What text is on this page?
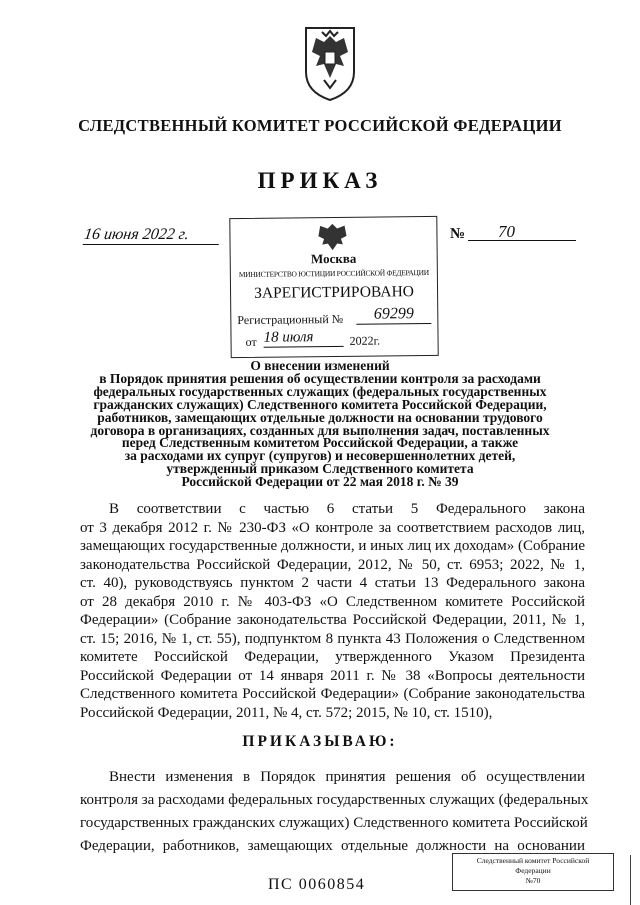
СЛЕДСТВЕННЫЙ КОМИТЕТ РОССИЙСКОЙ ФЕДЕРАЦИИ
ПРИКАЗ
16 июня 2022 г.	№ 70
Москва
МИНИСТЕРСТВО ЮСТИЦИИ РОССИЙСКОЙ ФЕДЕРАЦИИ
ЗАРЕГИСТРИРОВАНО
Регистрационный №	69299
от 18 июля	2022г.
О внесении изменений
в Порядок принятия решения об осуществлении контроля за расходами
федеральных государственных служащих (федеральных государственных
гражданских служащих) Следственного комитета Российской Федерации,
работников, замещающих отдельные должности на основании трудового
договора в организациях, созданных для выполнения задач, поставленных
перед Следственным комитетом Российской Федерации, а также
за расходами их супруг (супругов) и несовершеннолетних детей,
утвержденный приказом Следственного комитета
Российской Федерации от 22 мая 2018 г. № 39
В соответствии с частью 6 статьи 5 Федерального закона
от 3 декабря 2012 г. № 230-ФЗ «О контроле за соответствием расходов лиц,
замещающих государственные должности, и иных лиц их доходам» (Собрание
законодательства Российской Федерации, 2012, № 50, ст. 6953; 2022, № 1,
ст. 40), руководствуясь пунктом 2 части 4 статьи 13 Федерального закона
от 28 декабря 2010 г. № 403-ФЗ «О Следственном комитете Российской
Федерации» (Собрание законодательства Российской Федерации, 2011, № 1,
ст. 15; 2016, № 1, ст. 55), подпунктом 8 пункта 43 Положения о Следственном
комитете Российской Федерации, утвержденного Указом Президента
Российской Федерации от 14 января 2011 г. № 38 «Вопросы деятельности
Следственного комитета Российской Федерации» (Собрание законодательства
Российской Федерации, 2011, № 4, ст. 572; 2015, № 10, ст. 1510),
ПРИКАЗЫВАЮ:
Внести изменения в Порядок принятия решения об осуществлении
контроля за расходами федеральных государственных служащих (федеральных
государственных гражданских служащих) Следственного комитета Российской
Федерации, работников, замещающих отдельные должности на основании
Следственный комитет Российской
Федерации
№70
ПС 0060854
